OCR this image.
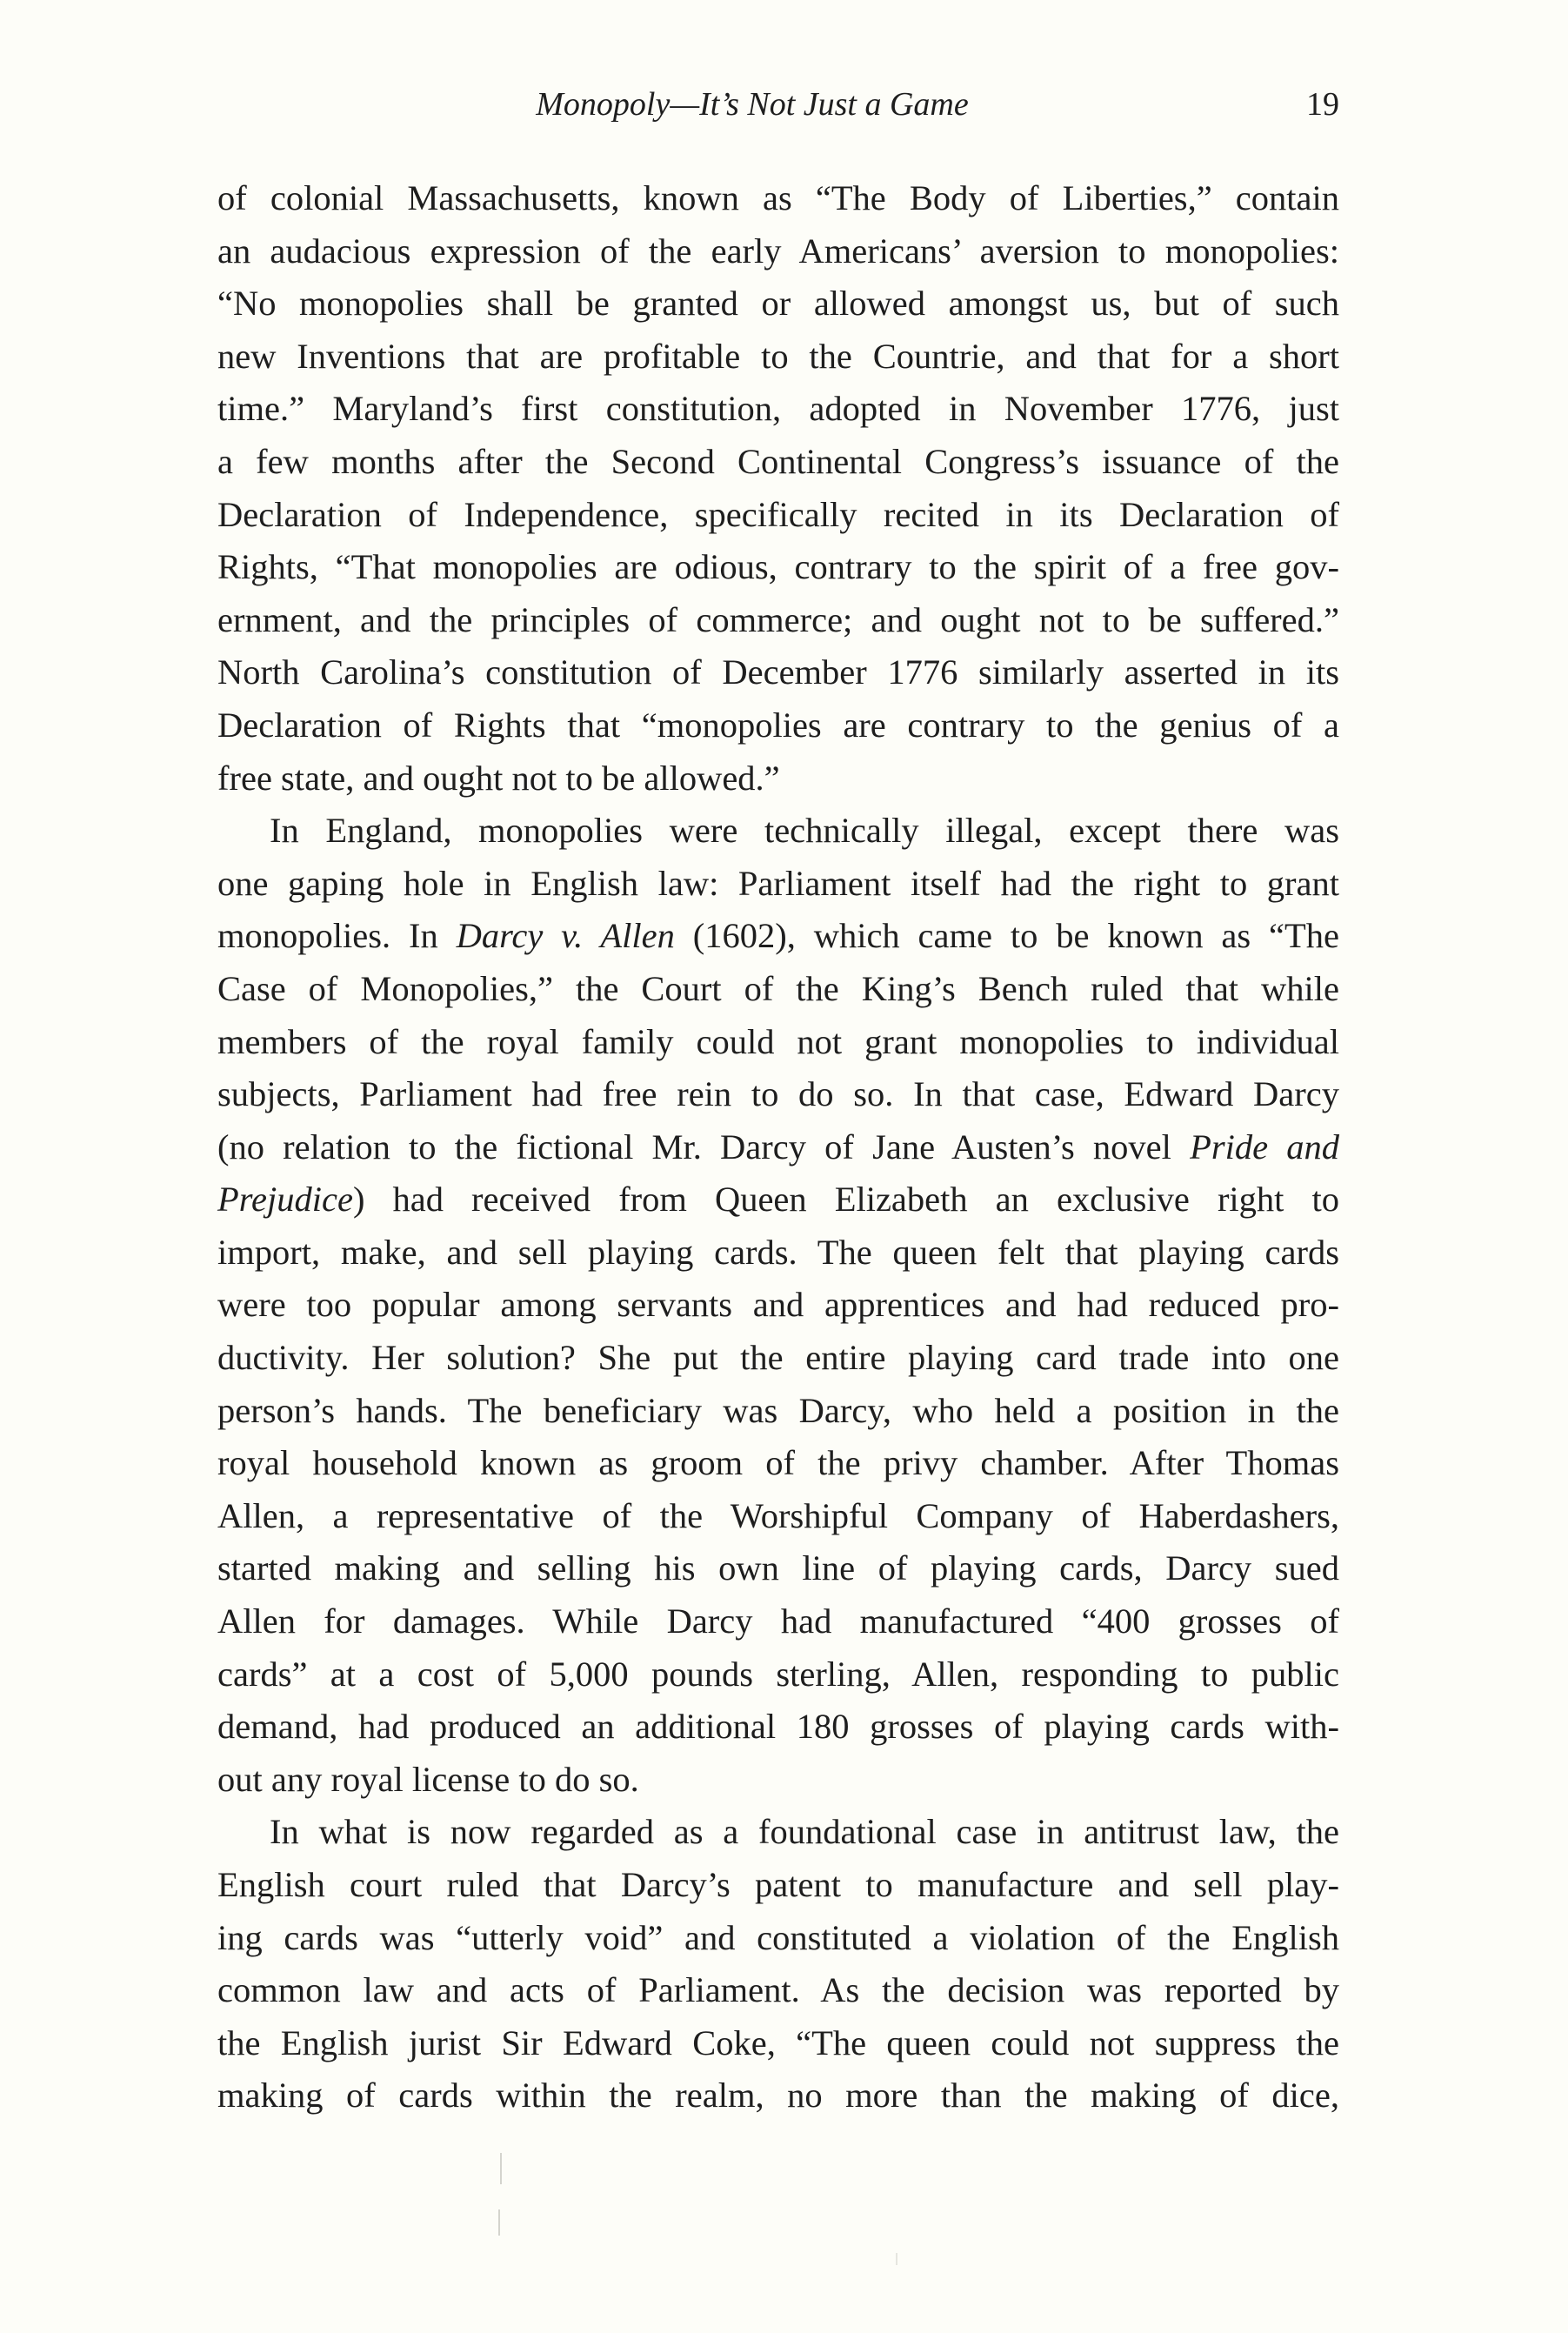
Monopoly—It’s Not Just a Game	19
of colonial Massachusetts, known as “The Body of Liberties,” contain
an audacious expression of the early Americans’ aversion to monopolies:
“No monopolies shall be granted or allowed amongst us, but of such
new Inventions that are profitable to the Countrie, and that for a short
time.” Maryland’s first constitution, adopted in November 1776, just
a few months after the Second Continental Congress’s issuance of the
Declaration of Independence, specifically recited in its Declaration of
Rights, “That monopolies are odious, contrary to the spirit of a free gov-
ernment, and the principles of commerce; and ought not to be suffered.”
North Carolina’s constitution of December 1776 similarly asserted in its
Declaration of Rights that “monopolies are contrary to the genius of a
free state, and ought not to be allowed.”
In England, monopolies were technically illegal, except there was
one gaping hole in English law: Parliament itself had the right to grant
monopolies. In Darcy v. Allen (1602), which came to be known as “The
Case of Monopolies,” the Court of the King’s Bench ruled that while
members of the royal family could not grant monopolies to individual
subjects, Parliament had free rein to do so. In that case, Edward Darcy
(no relation to the fictional Mr. Darcy of Jane Austen’s novel Pride and
Prejudice) had received from Queen Elizabeth an exclusive right to
import, make, and sell playing cards. The queen felt that playing cards
were too popular among servants and apprentices and had reduced pro-
ductivity. Her solution? She put the entire playing card trade into one
person’s hands. The beneficiary was Darcy, who held a position in the
royal household known as groom of the privy chamber. After Thomas
Allen, a representative of the Worshipful Company of Haberdashers,
started making and selling his own line of playing cards, Darcy sued
Allen for damages. While Darcy had manufactured “400 grosses of
cards” at a cost of 5,000 pounds sterling, Allen, responding to public
demand, had produced an additional 180 grosses of playing cards with-
out any royal license to do so.
In what is now regarded as a foundational case in antitrust law, the
English court ruled that Darcy’s patent to manufacture and sell play-
ing cards was “utterly void” and constituted a violation of the English
common law and acts of Parliament. As the decision was reported by
the English jurist Sir Edward Coke, “The queen could not suppress the
making of cards within the realm, no more than the making of dice,
